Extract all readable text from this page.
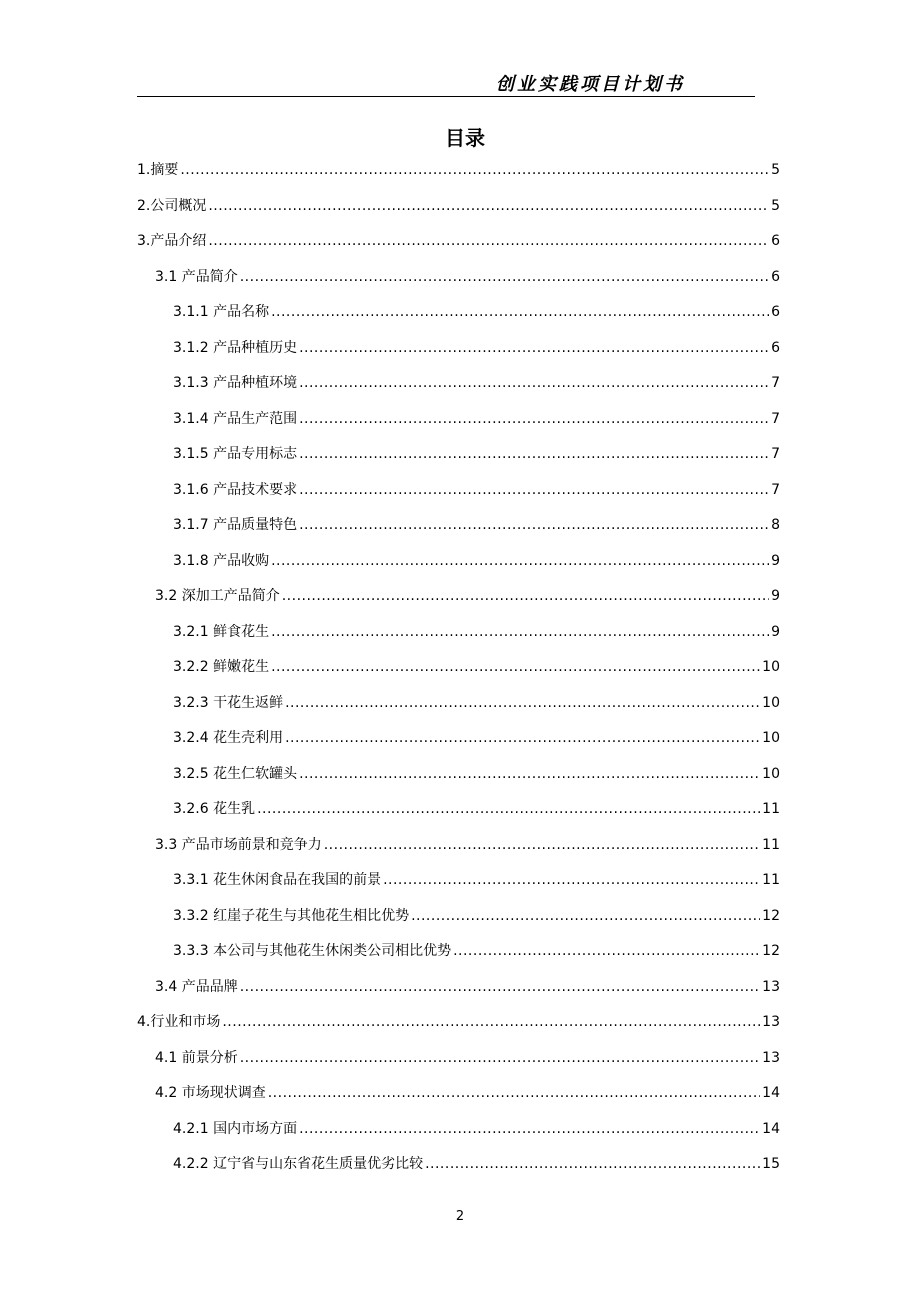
创业实践项目计划书
目录
1. 摘要 .....	5
2. 公司概况 .....	5
3. 产品介绍 .....	6
3.1 产品简介 .....	6
3.1.1 产品名称 .....	6
3.1.2 产品种植历史 .....	6
3.1.3 产品种植环境 .....	7
3.1.4 产品生产范围 .....	7
3.1.5 产品专用标志 .....	7
3.1.6 产品技术要求 .....	7
3.1.7 产品质量特色 .....	8
3.1.8 产品收购 .....	9
3.2 深加工产品简介 .....	9
3.2.1 鲜食花生 .....	9
3.2.2 鲜嫩花生 .....	10
3.2.3 干花生返鲜 .....	10
3.2.4 花生壳利用 .....	10
3.2.5 花生仁软罐头 .....	10
3.2.6 花生乳 .....	11
3.3 产品市场前景和竞争力 .....	11
3.3.1 花生休闲食品在我国的前景 .....	11
3.3.2 红崖子花生与其他花生相比优势 .....	12
3.3.3 本公司与其他花生休闲类公司相比优势 .....	12
3.4 产品品牌 .....	13
4. 行业和市场 .....	13
4.1 前景分析 .....	13
4.2 市场现状调查 .....	14
4.2.1 国内市场方面 .....	14
4.2.2 辽宁省与山东省花生质量优劣比较 .....	15
2
